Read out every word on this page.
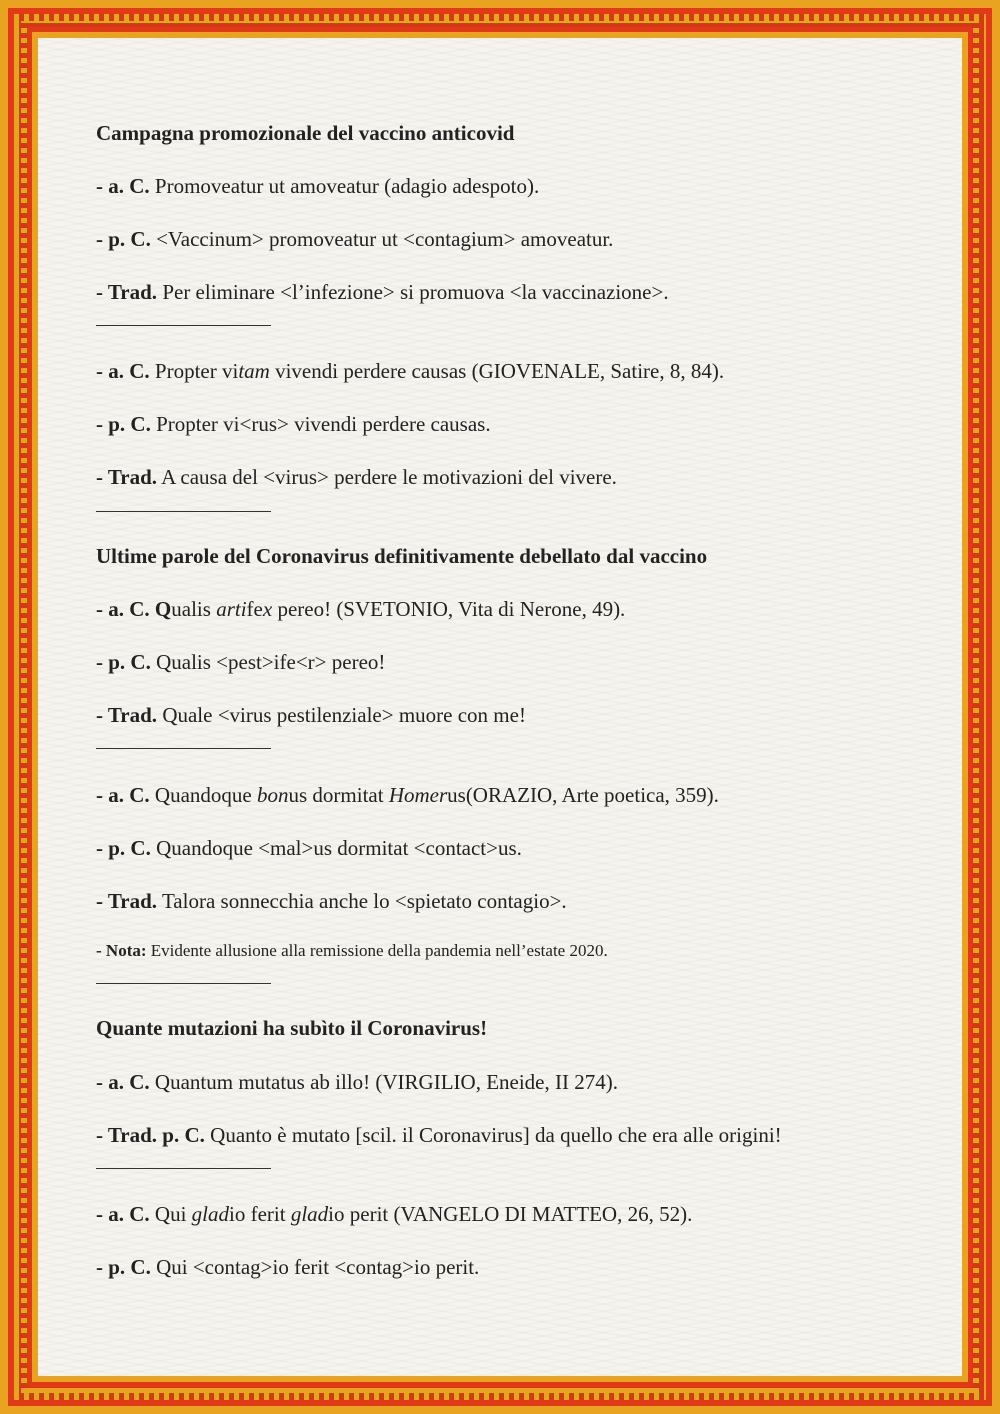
Campagna promozionale del vaccino anticovid
- a. C. Promoveatur ut amoveatur (adagio adespoto).
- p. C. <Vaccinum> promoveatur ut <contagium> amoveatur.
- Trad. Per eliminare <l’infezione> si promuova <la vaccinazione>.
- a. C. Propter vitam vivendi perdere causas (GIOVENALE, Satire, 8, 84).
- p. C. Propter vi<rus> vivendi perdere causas.
- Trad. A causa del <virus> perdere le motivazioni del vivere.
Ultime parole del Coronavirus definitivamente debellato dal vaccino
- a. C. Qualis artifex pereo! (SVETONIO, Vita di Nerone, 49).
- p. C. Qualis <pest>ife<r> pereo!
- Trad. Quale <virus pestilenziale> muore con me!
- a. C. Quandoque bonus dormitat Homerus(ORAZIO, Arte poetica, 359).
- p. C. Quandoque <mal>us dormitat <contact>us.
- Trad. Talora sonnecchia anche lo <spietato contagio>.
- Nota: Evidente allusione alla remissione della pandemia nell’estate 2020.
Quante mutazioni ha subìto il Coronavirus!
- a. C. Quantum mutatus ab illo! (VIRGILIO, Eneide, II 274).
- Trad. p. C. Quanto è mutato [scil. il Coronavirus] da quello che era alle origini!
- a. C. Qui gladio ferit gladio perit (VANGELO DI MATTEO, 26, 52).
- p. C. Qui <contag>io ferit <contag>io perit.
